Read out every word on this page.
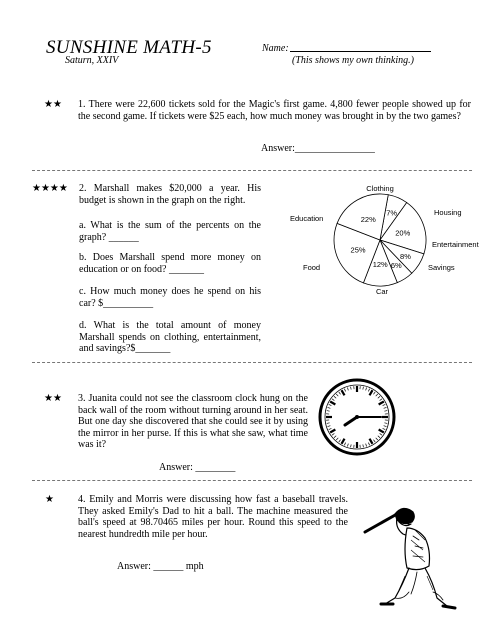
SUNSHINE MATH-5
Saturn, XXIV
Name:
(This shows my own thinking.)
★★ 1. There were 22,600 tickets sold for the Magic's first game. 4,800 fewer people showed up for the second game. If tickets were $25 each, how much money was brought in by the two games?
Answer:________________
★★★★ 2. Marshall makes $20,000 a year. His budget is shown in the graph on the right.
a. What is the sum of the percents on the graph? ______
b. Does Marshall spend more money on education or on food? _______
c. How much money does he spend on his car? $__________
d. What is the total amount of money Marshall spends on clothing, entertainment, and savings?$_______
7%
Clothing
20%
Housing
8%
Entertainment
6%	Savings
12%
Car
25%
Food
22%
Education
★★ 3. Juanita could not see the classroom clock hung on the back wall of the room without turning around in her seat. But one day she discovered that she could see it by using the mirror in her purse. If this is what she saw, what time was it?
Answer: ________
★ 4. Emily and Morris were discussing how fast a baseball travels. They asked Emily's Dad to hit a ball. The machine measured the ball's speed at 98.70465 miles per hour. Round this speed to the nearest hundredth mile per hour.
Answer: ______ mph
